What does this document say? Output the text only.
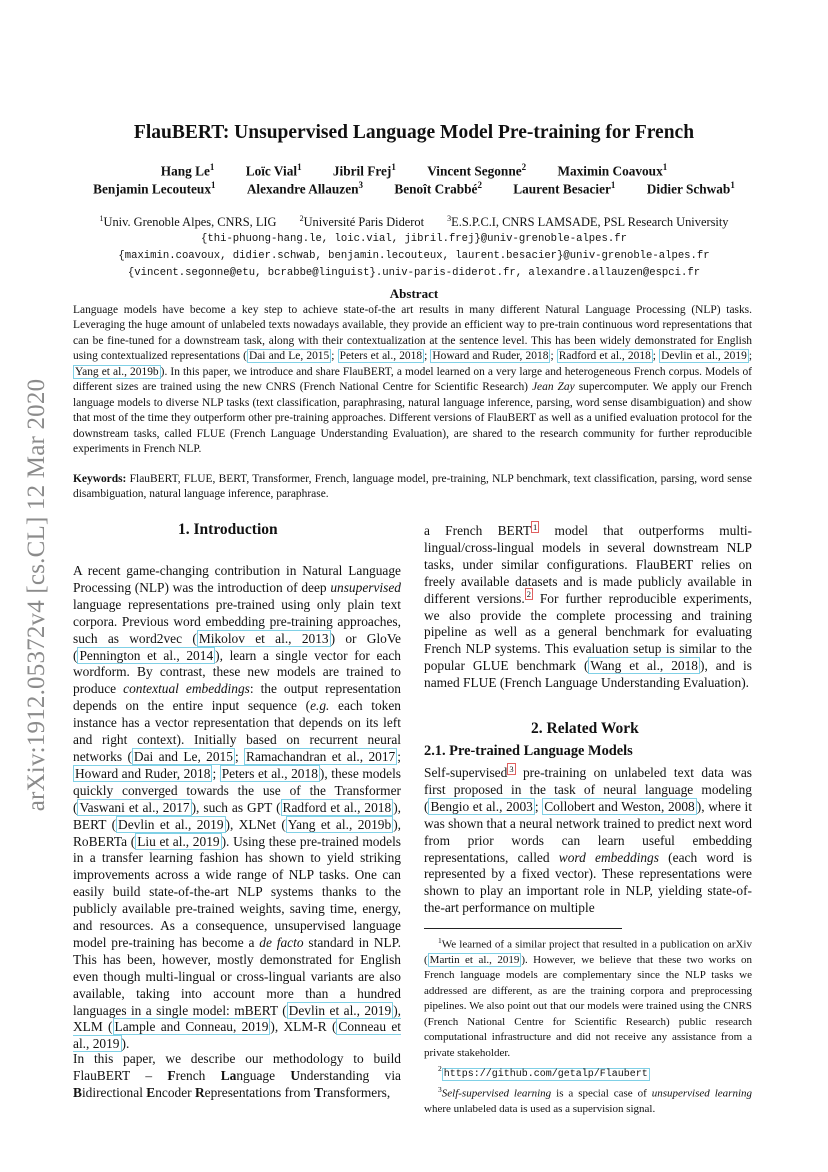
arXiv:1912.05372v4 [cs.CL] 12 Mar 2020
FlauBERT: Unsupervised Language Model Pre-training for French
Hang Le$^1$ Loïc Vial$^1$ Jibril Frej$^1$ Vincent Segonne$^2$ Maximin Coavoux$^1$
Benjamin Lecouteux$^1$ Alexandre Allauzen$^3$ Benoît Crabbé$^2$ Laurent Besacier$^1$ Didier Schwab$^1$
$^1$Univ. Grenoble Alpes, CNRS, LIG	$^2$Université Paris Diderot	$^3$E.S.P.C.I, CNRS LAMSADE, PSL Research University
{thi-phuong-hang.le, loic.vial, jibril.frej}@univ-grenoble-alpes.fr
{maximin.coavoux, didier.schwab, benjamin.lecouteux, laurent.besacier}@univ-grenoble-alpes.fr
{vincent.segonne@etu, bcrabbe@linguist}.univ-paris-diderot.fr, alexandre.allauzen@espci.fr
Abstract
Language models have become a key step to achieve state-of-the art results in many different Natural Language Processing (NLP) tasks. Leveraging the huge amount of unlabeled texts nowadays available, they provide an efficient way to pre-train continuous word representations that can be fine-tuned for a downstream task, along with their contextualization at the sentence level. This has been widely demonstrated for English using contextualized representations ( Dai and Le, 2015 ; Peters et al., 2018 ; Howard and Ruder, 2018 ; Radford et al., 2018 ; Devlin et al., 2019 ; Yang et al., 2019b ). In this paper, we introduce and share FlauBERT, a model learned on a very large and heterogeneous French corpus. Models of different sizes are trained using the new CNRS (French National Centre for Scientific Research) Jean Zay supercomputer. We apply our French language models to diverse NLP tasks (text classification, paraphrasing, natural language inference, parsing, word sense disambiguation) and show that most of the time they outperform other pre-training approaches. Different versions of FlauBERT as well as a unified evaluation protocol for the downstream tasks, called FLUE (French Language Understanding Evaluation), are shared to the research community for further reproducible experiments in French NLP.
Keywords: FlauBERT, FLUE, BERT, Transformer, French, language model, pre-training, NLP benchmark, text classification, parsing, word sense disambiguation, natural language inference, paraphrase.
1. Introduction
A recent game-changing contribution in Natural Language Processing (NLP) was the introduction of deep unsupervised language representations pre-trained using only plain text corpora. Previous word embedding pre-training approaches, such as word2vec ( Mikolov et al., 2013 ) or GloVe ( Pennington et al., 2014 ), learn a single vector for each wordform. By contrast, these new models are trained to produce contextual embeddings: the output representation depends on the entire input sequence (e.g. each token instance has a vector representation that depends on its left and right context). Initially based on recurrent neural networks ( Dai and Le, 2015 ; Ramachandran et al., 2017 ; Howard and Ruder, 2018 ; Peters et al., 2018 ), these models quickly converged towards the use of the Transformer ( Vaswani et al., 2017 ), such as GPT ( Radford et al., 2018 ), BERT ( Devlin et al., 2019 ), XLNet ( Yang et al., 2019b ), RoBERTa ( Liu et al., 2019 ). Using these pre-trained models in a transfer learning fashion has shown to yield striking improvements across a wide range of NLP tasks. One can easily build state-of-the-art NLP systems thanks to the publicly available pre-trained weights, saving time, energy, and resources. As a consequence, unsupervised language model pre-training has become a de facto standard in NLP. This has been, however, mostly demonstrated for English even though multi-lingual or cross-lingual variants are also available, taking into account more than a hundred languages in a single model: mBERT ( Devlin et al., 2019 ), XLM ( Lample and Conneau, 2019 ), XLM-R ( Conneau et al., 2019 ).
In this paper, we describe our methodology to build FlauBERT – French Language Understanding via Bidirectional Encoder Representations from Transformers,
a French BERT $^1$ model that outperforms multi-lingual/cross-lingual models in several downstream NLP tasks, under similar configurations. FlauBERT relies on freely available datasets and is made publicly available in different versions. $^2$ For further reproducible experiments, we also provide the complete processing and training pipeline as well as a general benchmark for evaluating French NLP systems. This evaluation setup is similar to the popular GLUE benchmark ( Wang et al., 2018 ), and is named FLUE (French Language Understanding Evaluation).
2. Related Work
2.1. Pre-trained Language Models
Self-supervised $^3$ pre-training on unlabeled text data was first proposed in the task of neural language modeling ( Bengio et al., 2003 ; Collobert and Weston, 2008 ), where it was shown that a neural network trained to predict next word from prior words can learn useful embedding representations, called word embeddings (each word is represented by a fixed vector). These representations were shown to play an important role in NLP, yielding state-of-the-art performance on multiple

$^1$We learned of a similar project that resulted in a publication on arXiv ( Martin et al., 2019 ). However, we believe that these two works on French language models are complementary since the NLP tasks we addressed are different, as are the training corpora and preprocessing pipelines. We also point out that our models were trained using the CNRS (French National Centre for Scientific Research) public research computational infrastructure and did not receive any assistance from a private stakeholder.

$^2$https://github.com/getalp/Flaubert

$^3$Self-supervised learning is a special case of unsupervised learning where unlabeled data is used as a supervision signal.
